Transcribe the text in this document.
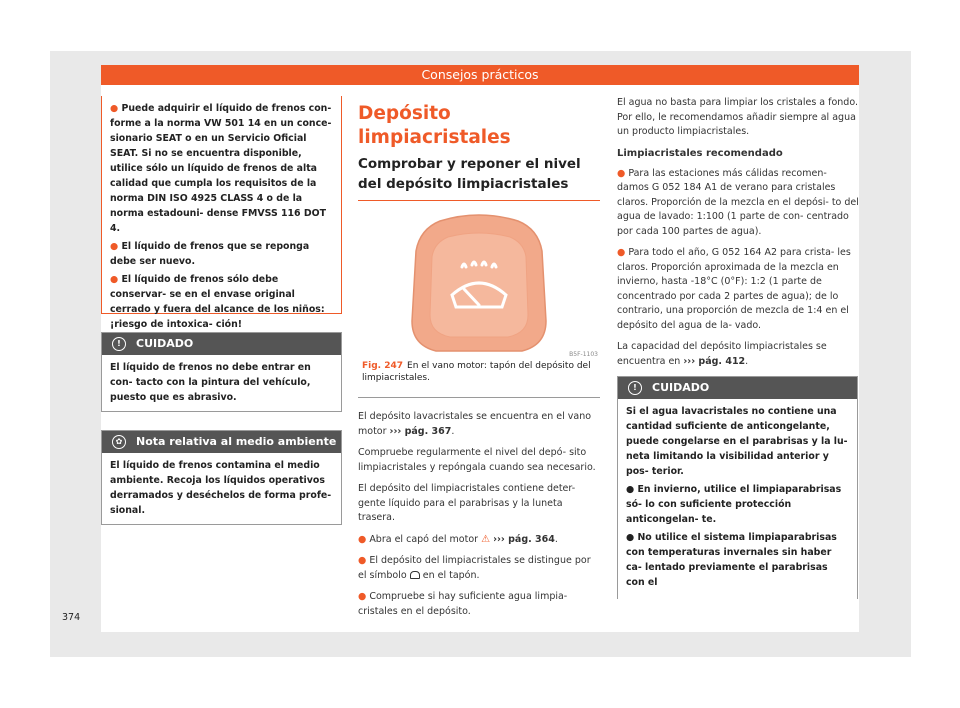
Consejos prácticos

● Puede adquirir el líquido de frenos con- forme a la norma VW 501 14 en un conce- sionario SEAT o en un Servicio Oficial SEAT. Si no se encuentra disponible, utilice sólo un líquido de frenos de alta calidad que cumpla los requisitos de la norma DIN ISO 4925 CLASS 4 o de la norma estadouni- dense FMVSS 116 DOT 4.

● El líquido de frenos que se reponga debe ser nuevo.

● El líquido de frenos sólo debe conservar- se en el envase original cerrado y fuera del alcance de los niños: ¡riesgo de intoxica- ción!

! CUIDADO
El líquido de frenos no debe entrar en con- tacto con la pintura del vehículo, puesto que es abrasivo.
✿ Nota relativa al medio ambiente
El líquido de frenos contamina el medio ambiente. Recoja los líquidos operativos derramados y deséchelos de forma profe- sional.
Depósito limpiacristales
Comprobar y reponer el nivel del depósito limpiacristales
B5F-1103
Fig. 247 En el vano motor: tapón del depósito del limpiacristales.

El depósito lavacristales se encuentra en el vano motor ››› pág. 367.

Compruebe regularmente el nivel del depó- sito limpiacristales y repóngala cuando sea necesario.

El depósito del limpiacristales contiene deter- gente líquido para el parabrisas y la luneta trasera.

● Abra el capó del motor ⚠ ››› pág. 364.

● El depósito del limpiacristales se distingue por el símbolo en el tapón.

● Compruebe si hay suficiente agua limpia- cristales en el depósito.

El agua no basta para limpiar los cristales a fondo. Por ello, le recomendamos añadir siempre al agua un producto limpiacristales.

Limpiacristales recomendado

● Para las estaciones más cálidas recomen- damos G 052 184 A1 de verano para cristales claros. Proporción de la mezcla en el depósi- to del agua de lavado: 1:100 (1 parte de con- centrado por cada 100 partes de agua).

● Para todo el año, G 052 164 A2 para crista- les claros. Proporción aproximada de la mezcla en invierno, hasta -18°C (0°F): 1:2 (1 parte de concentrado por cada 2 partes de agua); de lo contrario, una proporción de mezcla de 1:4 en el depósito del agua de la- vado.

La capacidad del depósito limpiacristales se encuentra en ››› pág. 412.

! CUIDADO

Si el agua lavacristales no contiene una cantidad suficiente de anticongelante, puede congelarse en el parabrisas y la lu- neta limitando la visibilidad anterior y pos- terior.

● En invierno, utilice el limpiaparabrisas só- lo con suficiente protección anticongelan- te.

● No utilice el sistema limpiaparabrisas con temperaturas invernales sin haber ca- lentado previamente el parabrisas con el

374
